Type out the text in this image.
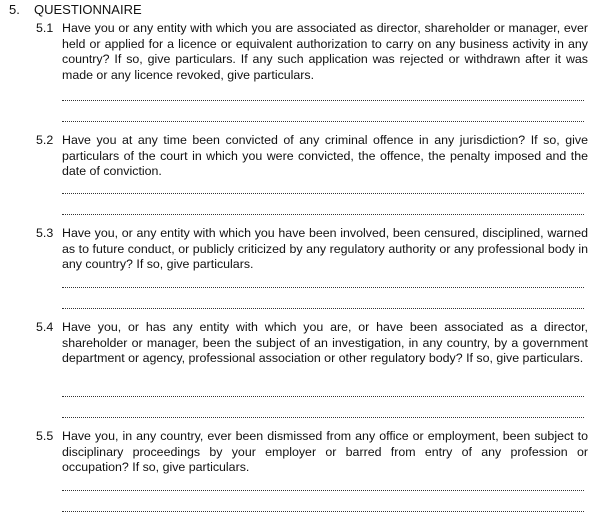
5. QUESTIONNAIRE
5.1 Have you or any entity with which you are associated as director, shareholder or manager, ever held or applied for a licence or equivalent authorization to carry on any business activity in any country? If so, give particulars. If any such application was rejected or withdrawn after it was made or any licence revoked, give particulars.
5.2 Have you at any time been convicted of any criminal offence in any jurisdiction? If so, give particulars of the court in which you were convicted, the offence, the penalty imposed and the date of conviction.
5.3 Have you, or any entity with which you have been involved, been censured, disciplined, warned as to future conduct, or publicly criticized by any regulatory authority or any professional body in any country? If so, give particulars.
5.4 Have you, or has any entity with which you are, or have been associated as a director, shareholder or manager, been the subject of an investigation, in any country, by a government department or agency, professional association or other regulatory body? If so, give particulars.
5.5 Have you, in any country, ever been dismissed from any office or employment, been subject to disciplinary proceedings by your employer or barred from entry of any profession or occupation? If so, give particulars.
